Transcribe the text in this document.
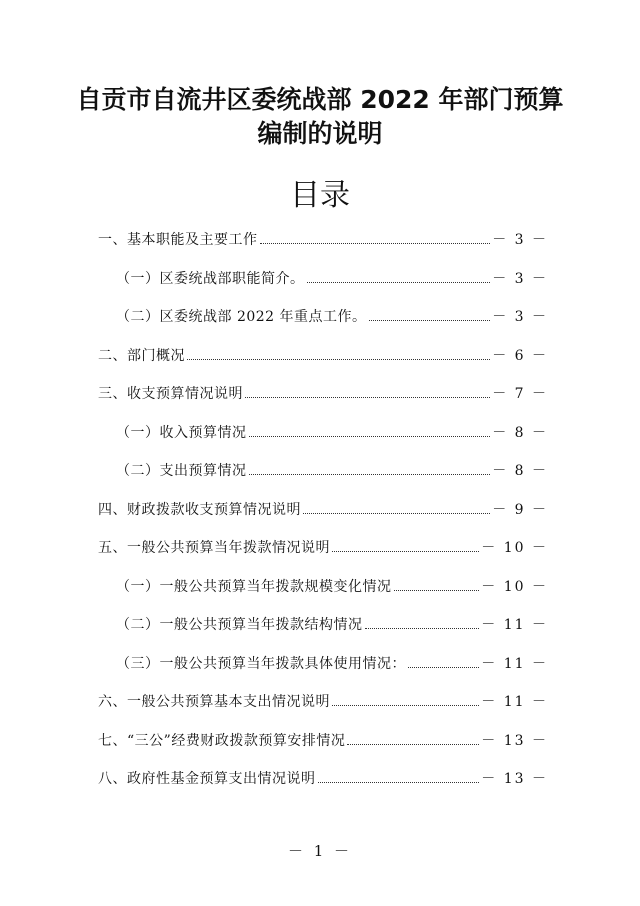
自贡市自流井区委统战部 2022 年部门预算
编制的说明
目录
一、基本职能及主要工作	－ 3 －
（一）区委统战部职能简介。	－ 3 －
（二）区委统战部 2022 年重点工作。	－ 3 －
二、部门概况	－ 6 －
三、收支预算情况说明	－ 7 －
（一）收入预算情况	－ 8 －
（二）支出预算情况	－ 8 －
四、财政拨款收支预算情况说明	－ 9 －
五、一般公共预算当年拨款情况说明	－ 10 －
（一）一般公共预算当年拨款规模变化情况	－ 10 －
（二）一般公共预算当年拨款结构情况	－ 11 －
（三）一般公共预算当年拨款具体使用情况：	－ 11 －
六、一般公共预算基本支出情况说明	－ 11 －
七、“三公”经费财政拨款预算安排情况	－ 13 －
八、政府性基金预算支出情况说明	－ 13 －
－ 1 －
